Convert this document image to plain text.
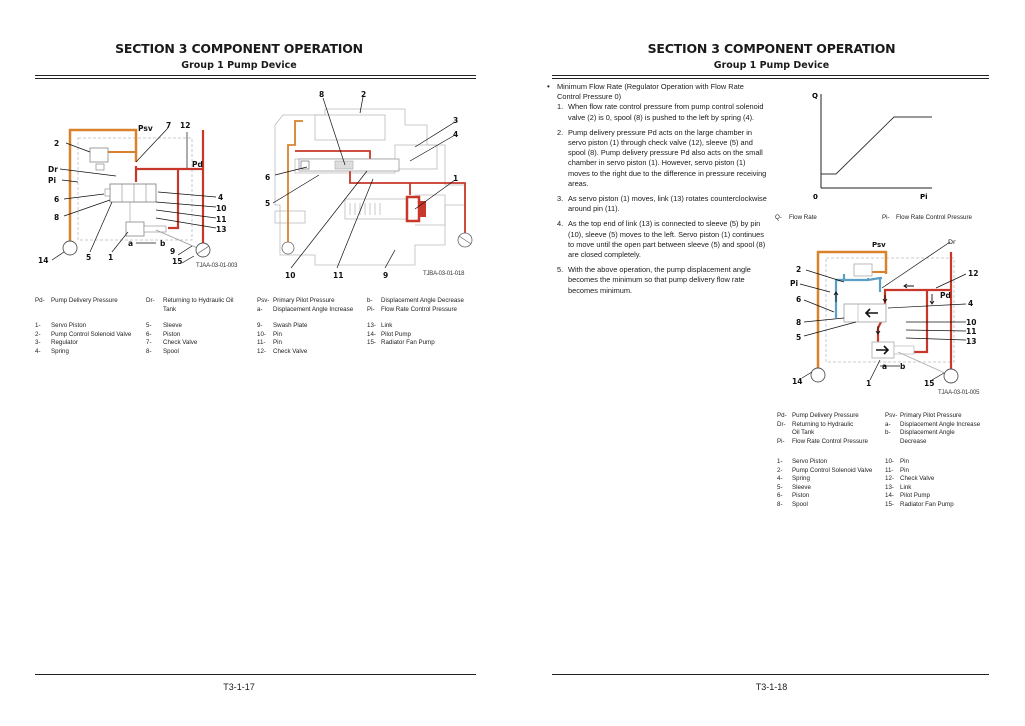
SECTION 3 COMPONENT OPERATION
Group 1 Pump Device
2
Dr
Pi
6
8
5 1
a	b
Psv 7 12
Pd
4
10
11
13
9
15
14
TJAA-03-01-003
8	2
3
4
6
5
1
10	11	9	TJBA-03-01-018
Pd-	Pump Delivery Pressure	Dr-	Returning to Hydraulic Oil Tank
Psv- Primary Pilot Pressure
a-	Displacement Angle Increase
b-	Displacement Angle Decrease
Pi-	Flow Rate Control Pressure
1-	Servo Piston
2-	Pump Control Solenoid Valve
3-	Regulator
4-	Spring
5-	Sleeve
6-	Piston
7-	Check Valve
8-	Spool
9-	Swash Plate
10-	Pin
11-	Pin
12-	Check Valve
13- Link
14- Pilot Pump
15- Radiator Fan Pump
T3-1-17
SECTION 3 COMPONENT OPERATION
Group 1 Pump Device
• Minimum Flow Rate (Regulator Operation with Flow Rate Control Pressure 0)
1. When flow rate control pressure from pump control solenoid valve (2) is 0, spool (8) is pushed to the left by spring (4).
2. Pump delivery pressure Pd acts on the large chamber in servo piston (1) through check valve (12), sleeve (5) and spool (8). Pump delivery pressure Pd also acts on the small chamber in servo piston (1). However, servo piston (1) moves to the right due to the difference in pressure receiving areas.
3. As servo piston (1) moves, link (13) rotates counterclockwise around pin (11).
4. As the top end of link (13) is connected to sleeve (5) by pin (10), sleeve (5) moves to the left. Servo piston (1) continues to move until the open part between sleeve (5) and spool (8) are closed completely.
5. With the above operation, the pump displacement angle becomes the minimum so that pump delivery flow rate becomes minimum.
Q
0	Pi
Q-	Flow Rate	Pi-	Flow Rate Control Pressure
2
Pi
6
8
5
Psv	Dr
12
Pd
4
10
11
13
a b
1
14	15
TJAA-03-01-005
Pd- Pump Delivery Pressure
Dr-	Returning to Hydraulic Oil Tank
Pi-	Flow Rate Control Pressure
Psv- Primary Pilot Pressure
a-	Displacement Angle Increase
b-	Displacement Angle Decrease
1-	Servo Piston
2-	Pump Control Solenoid Valve
4-	Spring
5-	Sleeve
6-	Piston
8-	Spool
10- Pin
11-	Pin
12- Check Valve
13- Link
14- Pilot Pump
15- Radiator Fan Pump
T3-1-18
